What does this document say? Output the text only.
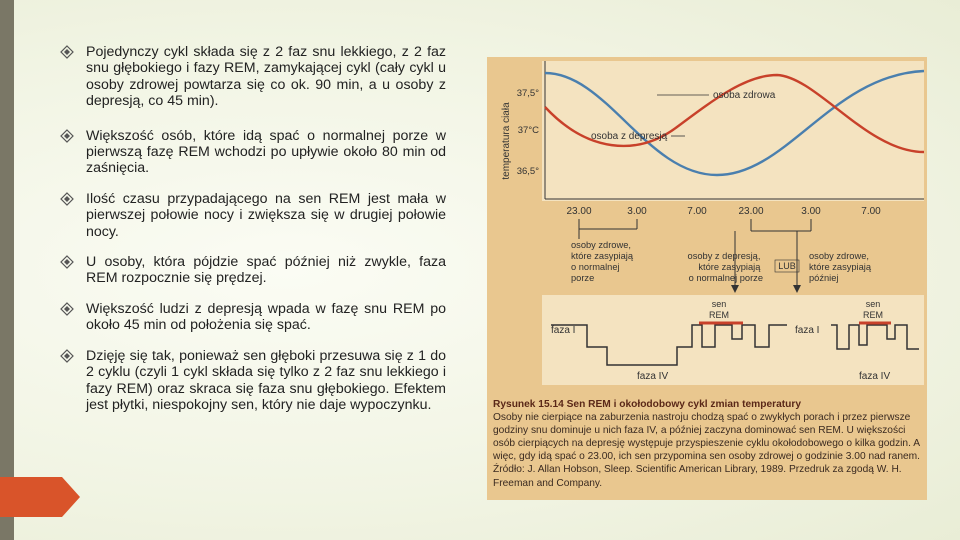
Pojedynczy cykl składa się z 2 faz snu lekkiego, z 2 faz snu głębokiego i fazy REM, zamykającej cykl (cały cykl u osoby zdrowej powtarza się co ok. 90 min, a u osoby z depresją, co 45 min).
Większość osób, które idą spać o normalnej porze w pierwszą fazę REM wchodzi po upływie około 80 min od zaśnięcia.
Ilość czasu przypadającego na sen REM jest mała w pierwszej połowie nocy i zwiększa się w drugiej połowie nocy.
U osoby, która pójdzie spać później niż zwykle, faza REM rozpocznie się prędzej.
Większość ludzi z depresją wpada w fazę snu REM po około 45 min od położenia się spać.
Dzięję się tak, ponieważ sen głęboki przesuwa się z 1 do 2 cyklu (czyli 1 cykl składa się tylko z 2 faz snu lekkiego i fazy REM) oraz skraca się faza snu głębokiego. Efektem jest płytki, niespokojny sen, który nie daje wypoczynku.
temperatura ciała
37,5°
37°C
36,5°
osoba zdrowa
osoba z depresją
23.00	3.00	7.00	23.00	3.00	7.00
osoby zdrowe, które zasypiają o normalnej porze
osoby z depresją, które zasypiają o normalnej porze
LUB
osoby zdrowe, które zasypiają później
faza I
faza IV
sen
REM
faza I
faza IV
sen
REM
Rysunek 15.14 Sen REM i okołodobowy cykl zmian temperatury
Osoby nie cierpiące na zaburzenia nastroju chodzą spać o zwykłych porach i przez pierwsze godziny snu dominuje u nich faza IV, a później zaczyna dominować sen REM. U większości osób cierpiących na depresję występuje przyspieszenie cyklu okołodobowego o kilka godzin. A więc, gdy idą spać o 23.00, ich sen przypomina sen osoby zdrowej o godzinie 3.00 nad ranem. Źródło: J. Allan Hobson, Sleep. Scientific American Library, 1989. Przedruk za zgodą W. H. Freeman and Company.
